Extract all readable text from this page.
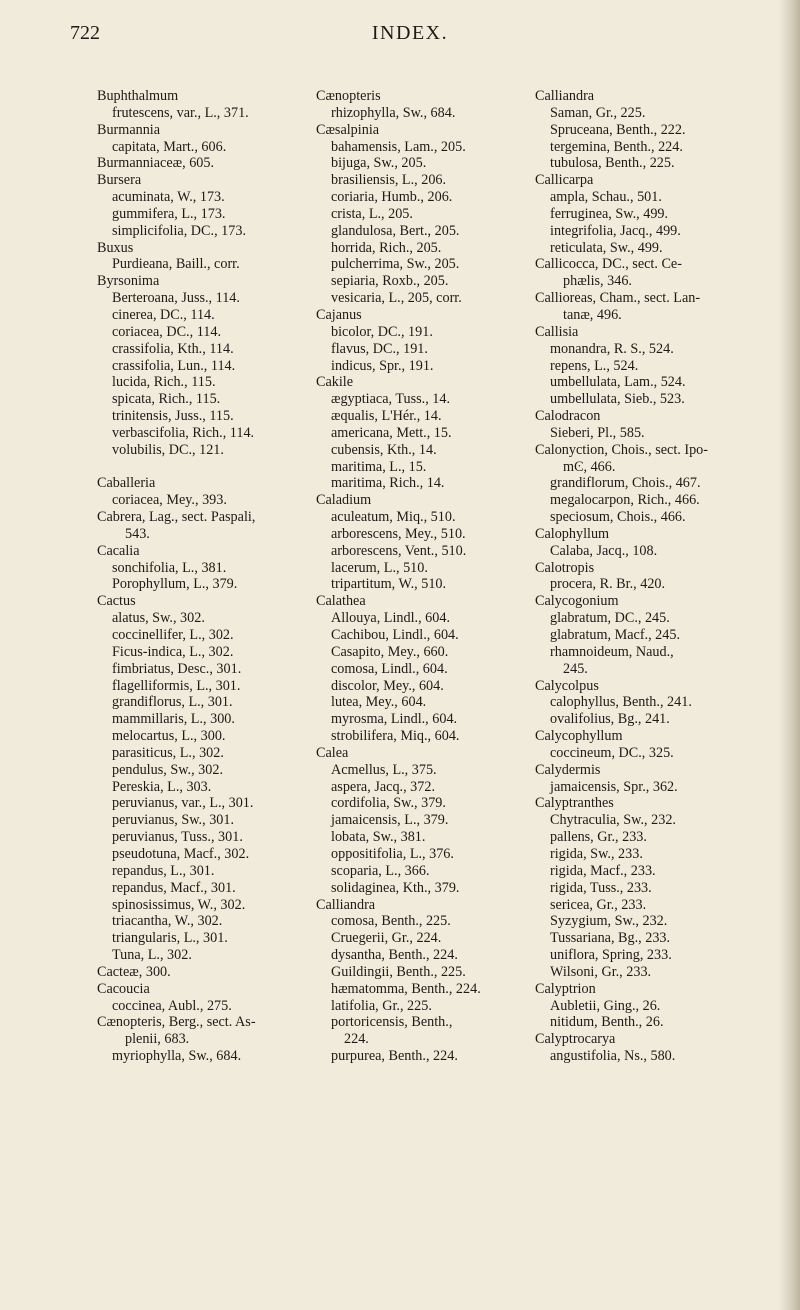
722	INDEX.
Buphthalmum
frutescens, var., L., 371.
Burmannia
capitata, Mart., 606.
Burmanniaceæ, 605.
Bursera
acuminata, W., 173.
gummifera, L., 173.
simplicifolia, DC., 173.
Buxus
Purdieana, Baill., corr.
Byrsonima
Berteroana, Juss., 114.
cinerea, DC., 114.
coriacea, DC., 114.
crassifolia, Kth., 114.
crassifolia, Lun., 114.
lucida, Rich., 115.
spicata, Rich., 115.
trinitensis, Juss., 115.
verbascifolia, Rich., 114.
volubilis, DC., 121.
Caballeria
coriacea, Mey., 393.
Cabrera, Lag., sect. Paspali,
543.
Cacalia
sonchifolia, L., 381.
Porophyllum, L., 379.
Cactus
alatus, Sw., 302.
coccinellifer, L., 302.
Ficus-indica, L., 302.
fimbriatus, Desc., 301.
flagelliformis, L., 301.
grandiflorus, L., 301.
mammillaris, L., 300.
melocartus, L., 300.
parasiticus, L., 302.
pendulus, Sw., 302.
Pereskia, L., 303.
peruvianus, var., L., 301.
peruvianus, Sw., 301.
peruvianus, Tuss., 301.
pseudotuna, Macf., 302.
repandus, L., 301.
repandus, Macf., 301.
spinosissimus, W., 302.
triacantha, W., 302.
triangularis, L., 301.
Tuna, L., 302.
Cacteæ, 300.
Cacoucia
coccinea, Aubl., 275.
Cænopteris, Berg., sect. As-
plenii, 683.
myriophylla, Sw., 684.
Cænopteris
rhizophylla, Sw., 684.
Cæsalpinia
bahamensis, Lam., 205.
bijuga, Sw., 205.
brasiliensis, L., 206.
coriaria, Humb., 206.
crista, L., 205.
glandulosa, Bert., 205.
horrida, Rich., 205.
pulcherrima, Sw., 205.
sepiaria, Roxb., 205.
vesicaria, L., 205, corr.
Cajanus
bicolor, DC., 191.
flavus, DC., 191.
indicus, Spr., 191.
Cakile
ægyptiaca, Tuss., 14.
æqualis, L'Hér., 14.
americana, Mett., 15.
cubensis, Kth., 14.
maritima, L., 15.
maritima, Rich., 14.
Caladium
aculeatum, Miq., 510.
arborescens, Mey., 510.
arborescens, Vent., 510.
lacerum, L., 510.
tripartitum, W., 510.
Calathea
Allouya, Lindl., 604.
Cachibou, Lindl., 604.
Casapito, Mey., 660.
comosa, Lindl., 604.
discolor, Mey., 604.
lutea, Mey., 604.
myrosma, Lindl., 604.
strobilifera, Miq., 604.
Calea
Acmellus, L., 375.
aspera, Jacq., 372.
cordifolia, Sw., 379.
jamaicensis, L., 379.
lobata, Sw., 381.
oppositifolia, L., 376.
scoparia, L., 366.
solidaginea, Kth., 379.
Calliandra
comosa, Benth., 225.
Cruegerii, Gr., 224.
dysantha, Benth., 224.
Guildingii, Benth., 225.
hæmatomma, Benth., 224.
latifolia, Gr., 225.
portoricensis, Benth.,
224.
purpurea, Benth., 224.
Calliandra
Saman, Gr., 225.
Spruceana, Benth., 222.
tergemina, Benth., 224.
tubulosa, Benth., 225.
Callicarpa
ampla, Schau., 501.
ferruginea, Sw., 499.
integrifolia, Jacq., 499.
reticulata, Sw., 499.
Callicocca, DC., sect. Ce-
phælis, 346.
Callioreas, Cham., sect. Lan-
tanæ, 496.
Callisia
monandra, R. S., 524.
repens, L., 524.
umbellulata, Lam., 524.
umbellulata, Sieb., 523.
Calodracon
Sieberi, Pl., 585.
Calonyction, Chois., sect. Ipo-
mϾ, 466.
grandiflorum, Chois., 467.
megalocarpon, Rich., 466.
speciosum, Chois., 466.
Calophyllum
Calaba, Jacq., 108.
Calotropis
procera, R. Br., 420.
Calycogonium
glabratum, DC., 245.
glabratum, Macf., 245.
rhamnoideum, Naud.,
245.
Calycolpus
calophyllus, Benth., 241.
ovalifolius, Bg., 241.
Calycophyllum
coccineum, DC., 325.
Calydermis
jamaicensis, Spr., 362.
Calyptranthes
Chytraculia, Sw., 232.
pallens, Gr., 233.
rigida, Sw., 233.
rigida, Macf., 233.
rigida, Tuss., 233.
sericea, Gr., 233.
Syzygium, Sw., 232.
Tussariana, Bg., 233.
uniflora, Spring, 233.
Wilsoni, Gr., 233.
Calyptrion
Aubletii, Ging., 26.
nitidum, Benth., 26.
Calyptrocarya
angustifolia, Ns., 580.
